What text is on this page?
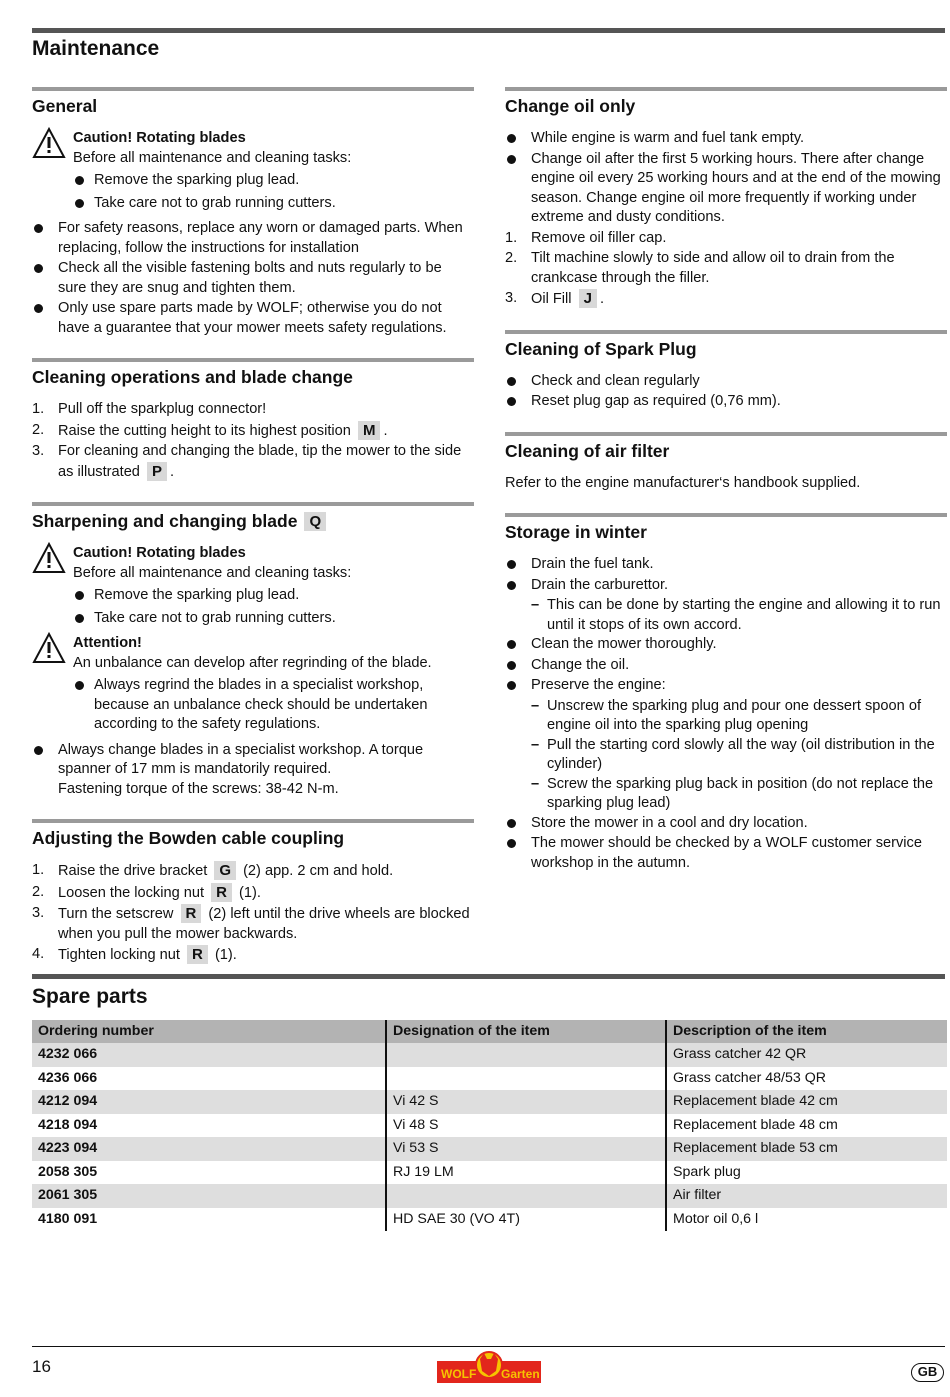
Maintenance
General
Caution! Rotating blades
Before all maintenance and cleaning tasks:
Remove the sparking plug lead.
Take care not to grab running cutters.
For safety reasons, replace any worn or damaged parts. When replacing, follow the instructions for installation
Check all the visible fastening bolts and nuts regularly to be sure they are snug and tighten them.
Only use spare parts made by WOLF; otherwise you do not have a guarantee that your mower meets safety regulations.
Cleaning operations and blade change
1. Pull off the sparkplug connector!
2. Raise the cutting height to its highest position M .
3. For cleaning and changing the blade, tip the mower to the side as illustrated P .
Sharpening and changing blade Q
Caution! Rotating blades
Before all maintenance and cleaning tasks:
Remove the sparking plug lead.
Take care not to grab running cutters.
Attention!
An unbalance can develop after regrinding of the blade.
Always regrind the blades in a specialist workshop, because an unbalance check should be undertaken according to the safety regulations.
Always change blades in a specialist workshop. A torque spanner of 17 mm is mandatorily required.
Fastening torque of the screws: 38-42 N-m.
Adjusting the Bowden cable coupling
1. Raise the drive bracket G (2) app. 2 cm and hold.
2. Loosen the locking nut R (1).
3. Turn the setscrew R (2) left until the drive wheels are blocked when you pull the mower backwards.
4. Tighten locking nut R (1).
Change oil only
While engine is warm and fuel tank empty.
Change oil after the first 5 working hours. There after change engine oil every 25 working hours and at the end of the mowing season. Change engine oil more frequently if working under extreme and dusty conditions.
1. Remove oil filler cap.
2. Tilt machine slowly to side and allow oil to drain from the crankcase through the filler.
3. Oil Fill J .
Cleaning of Spark Plug
Check and clean regularly
Reset plug gap as required (0,76 mm).
Cleaning of air filter
Refer to the engine manufacturer‘s handbook supplied.
Storage in winter
Drain the fuel tank.
Drain the carburettor.
– This can be done by starting the engine and allowing it to run until it stops of its own accord.
Clean the mower thoroughly.
Change the oil.
Preserve the engine:
– Unscrew the sparking plug and pour one dessert spoon of engine oil into the sparking plug opening
– Pull the starting cord slowly all the way (oil distribution in the cylinder)
– Screw the sparking plug back in position (do not replace the sparking plug lead)
Store the mower in a cool and dry location.
The mower should be checked by a WOLF customer service workshop in the autumn.
Spare parts
Ordering number	Designation of the item	Description of the item
4232 066		Grass catcher 42 QR
4236 066		Grass catcher 48/53 QR
4212 094	Vi 42 S	Replacement blade 42 cm
4218 094	Vi 48 S	Replacement blade 48 cm
4223 094	Vi 53 S	Replacement blade 53 cm
2058 305	RJ 19 LM	Spark plug
2061 305		Air filter
4180 091	HD SAE 30 (VO 4T)	Motor oil 0,6 l
16	WOLF Garten	GB
